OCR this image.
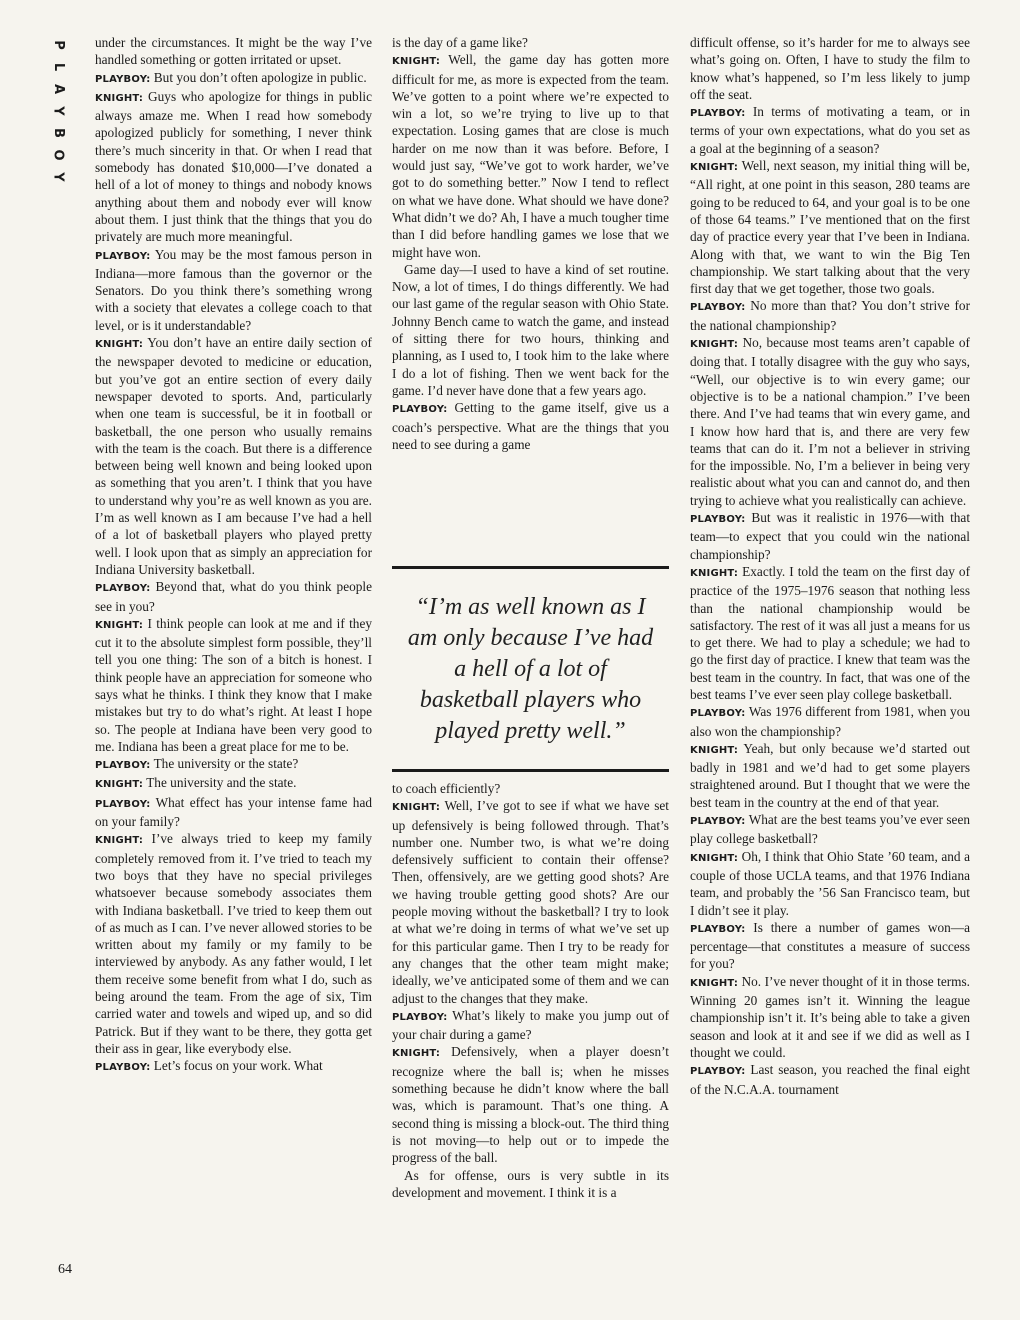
P
L
A
Y
B
O
Y

under the circumstances. It might be the way I’ve handled something or gotten irritated or upset.

PLAYBOY: But you don’t often apologize in public.

KNIGHT: Guys who apologize for things in public always amaze me. When I read how somebody apologized publicly for something, I never think there’s much sincerity in that. Or when I read that somebody has donated $10,000—I’ve donated a hell of a lot of money to things and nobody knows anything about them and nobody ever will know about them. I just think that the things that you do privately are much more meaningful.

PLAYBOY: You may be the most famous person in Indiana—more famous than the governor or the Senators. Do you think there’s something wrong with a society that elevates a college coach to that level, or is it understandable?

KNIGHT: You don’t have an entire daily section of the newspaper devoted to medicine or education, but you’ve got an entire section of every daily newspaper devoted to sports. And, particularly when one team is successful, be it in football or basketball, the one person who usually remains with the team is the coach. But there is a difference between being well known and being looked upon as something that you aren’t. I think that you have to understand why you’re as well known as you are. I’m as well known as I am because I’ve had a hell of a lot of basketball players who played pretty well. I look upon that as simply an appreciation for Indiana University basketball.

PLAYBOY: Beyond that, what do you think people see in you?

KNIGHT: I think people can look at me and if they cut it to the absolute simplest form possible, they’ll tell you one thing: The son of a bitch is honest. I think people have an appreciation for someone who says what he thinks. I think they know that I make mistakes but try to do what’s right. At least I hope so. The people at Indiana have been very good to me. Indiana has been a great place for me to be.

PLAYBOY: The university or the state?

KNIGHT: The university and the state.

PLAYBOY: What effect has your intense fame had on your family?

KNIGHT: I’ve always tried to keep my family completely removed from it. I’ve tried to teach my two boys that they have no special privileges whatsoever because somebody associates them with Indiana basketball. I’ve tried to keep them out of as much as I can. I’ve never allowed stories to be written about my family or my family to be interviewed by anybody. As any father would, I let them receive some benefit from what I do, such as being around the team. From the age of six, Tim carried water and towels and wiped up, and so did Patrick. But if they want to be there, they gotta get their ass in gear, like everybody else.

PLAYBOY: Let’s focus on your work. What

is the day of a game like?

KNIGHT: Well, the game day has gotten more difficult for me, as more is expected from the team. We’ve gotten to a point where we’re expected to win a lot, so we’re trying to live up to that expectation. Losing games that are close is much harder on me now than it was before. Before, I would just say, “We’ve got to work harder, we’ve got to do something better.” Now I tend to reflect on what we have done. What should we have done? What didn’t we do? Ah, I have a much tougher time than I did before handling games we lose that we might have won.

Game day—I used to have a kind of set routine. Now, a lot of times, I do things differently. We had our last game of the regular season with Ohio State. Johnny Bench came to watch the game, and instead of sitting there for two hours, thinking and planning, as I used to, I took him to the lake where I do a lot of fishing. Then we went back for the game. I’d never have done that a few years ago.

PLAYBOY: Getting to the game itself, give us a coach’s perspective. What are the things that you need to see during a game

“I’m as well known as I am only because I’ve had a hell of a lot of basketball players who played pretty well.”

to coach efficiently?

KNIGHT: Well, I’ve got to see if what we have set up defensively is being followed through. That’s number one. Number two, is what we’re doing defensively sufficient to contain their offense? Then, offensively, are we getting good shots? Are we having trouble getting good shots? Are our people moving without the basketball? I try to look at what we’re doing in terms of what we’ve set up for this particular game. Then I try to be ready for any changes that the other team might make; ideally, we’ve anticipated some of them and we can adjust to the changes that they make.

PLAYBOY: What’s likely to make you jump out of your chair during a game?

KNIGHT: Defensively, when a player doesn’t recognize where the ball is; when he misses something because he didn’t know where the ball was, which is paramount. That’s one thing. A second thing is missing a block-out. The third thing is not moving—to help out or to impede the progress of the ball.

As for offense, ours is very subtle in its development and movement. I think it is a

difficult offense, so it’s harder for me to always see what’s going on. Often, I have to study the film to know what’s happened, so I’m less likely to jump off the seat.

PLAYBOY: In terms of motivating a team, or in terms of your own expectations, what do you set as a goal at the beginning of a season?

KNIGHT: Well, next season, my initial thing will be, “All right, at one point in this season, 280 teams are going to be reduced to 64, and your goal is to be one of those 64 teams.” I’ve mentioned that on the first day of practice every year that I’ve been in Indiana. Along with that, we want to win the Big Ten championship. We start talking about that the very first day that we get together, those two goals.

PLAYBOY: No more than that? You don’t strive for the national championship?

KNIGHT: No, because most teams aren’t capable of doing that. I totally disagree with the guy who says, “Well, our objective is to win every game; our objective is to be a national champion.” I’ve been there. And I’ve had teams that win every game, and I know how hard that is, and there are very few teams that can do it. I’m not a believer in striving for the impossible. No, I’m a believer in being very realistic about what you can and cannot do, and then trying to achieve what you realistically can achieve.

PLAYBOY: But was it realistic in 1976—with that team—to expect that you could win the national championship?

KNIGHT: Exactly. I told the team on the first day of practice of the 1975–1976 season that nothing less than the national championship would be satisfactory. The rest of it was all just a means for us to get there. We had to play a schedule; we had to go the first day of practice. I knew that team was the best team in the country. In fact, that was one of the best teams I’ve ever seen play college basketball.

PLAYBOY: Was 1976 different from 1981, when you also won the championship?

KNIGHT: Yeah, but only because we’d started out badly in 1981 and we’d had to get some players straightened around. But I thought that we were the best team in the country at the end of that year.

PLAYBOY: What are the best teams you’ve ever seen play college basketball?

KNIGHT: Oh, I think that Ohio State ’60 team, and a couple of those UCLA teams, and that 1976 Indiana team, and probably the ’56 San Francisco team, but I didn’t see it play.

PLAYBOY: Is there a number of games won—a percentage—that constitutes a measure of success for you?

KNIGHT: No. I’ve never thought of it in those terms. Winning 20 games isn’t it. Winning the league championship isn’t it. It’s being able to take a given season and look at it and see if we did as well as I thought we could.

PLAYBOY: Last season, you reached the final eight of the N.C.A.A. tournament

64
